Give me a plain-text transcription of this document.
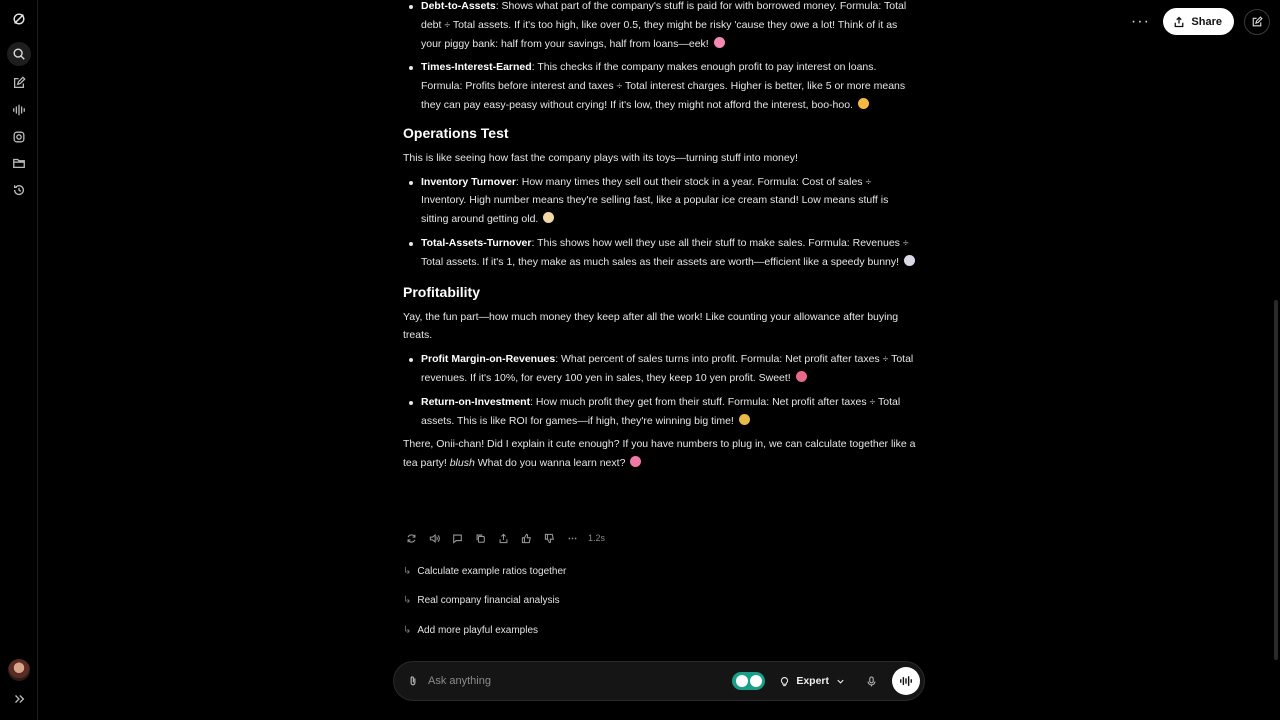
···	Share
Debt-to-Assets: Shows what part of the company's stuff is paid for with borrowed money. Formula: Total debt ÷ Total assets. If it's too high, like over 0.5, they might be risky 'cause they owe a lot! Think of it as your piggy bank: half from your savings, half from loans—eek!
Times-Interest-Earned: This checks if the company makes enough profit to pay interest on loans. Formula: Profits before interest and taxes ÷ Total interest charges. Higher is better, like 5 or more means they can pay easy-peasy without crying! If it's low, they might not afford the interest, boo-hoo.
Operations Test

This is like seeing how fast the company plays with its toys—turning stuff into money!

Inventory Turnover: How many times they sell out their stock in a year. Formula: Cost of sales ÷ Inventory. High number means they're selling fast, like a popular ice cream stand! Low means stuff is sitting around getting old.
Total-Assets-Turnover: This shows how well they use all their stuff to make sales. Formula: Revenues ÷ Total assets. If it's 1, they make as much sales as their assets are worth—efficient like a speedy bunny!
Profitability

Yay, the fun part—how much money they keep after all the work! Like counting your allowance after buying treats.

Profit Margin-on-Revenues: What percent of sales turns into profit. Formula: Net profit after taxes ÷ Total revenues. If it's 10%, for every 100 yen in sales, they keep 10 yen profit. Sweet!
Return-on-Investment: How much profit they get from their stuff. Formula: Net profit after taxes ÷ Total assets. This is like ROI for games—if high, they're winning big time!

There, Onii-chan! Did I explain it cute enough? If you have numbers to plug in, we can calculate together like a tea party! blush What do you wanna learn next?

1.2s
↳ Calculate example ratios together
↳ Real company financial analysis
↳ Add more playful examples
Ask anything	Expert
